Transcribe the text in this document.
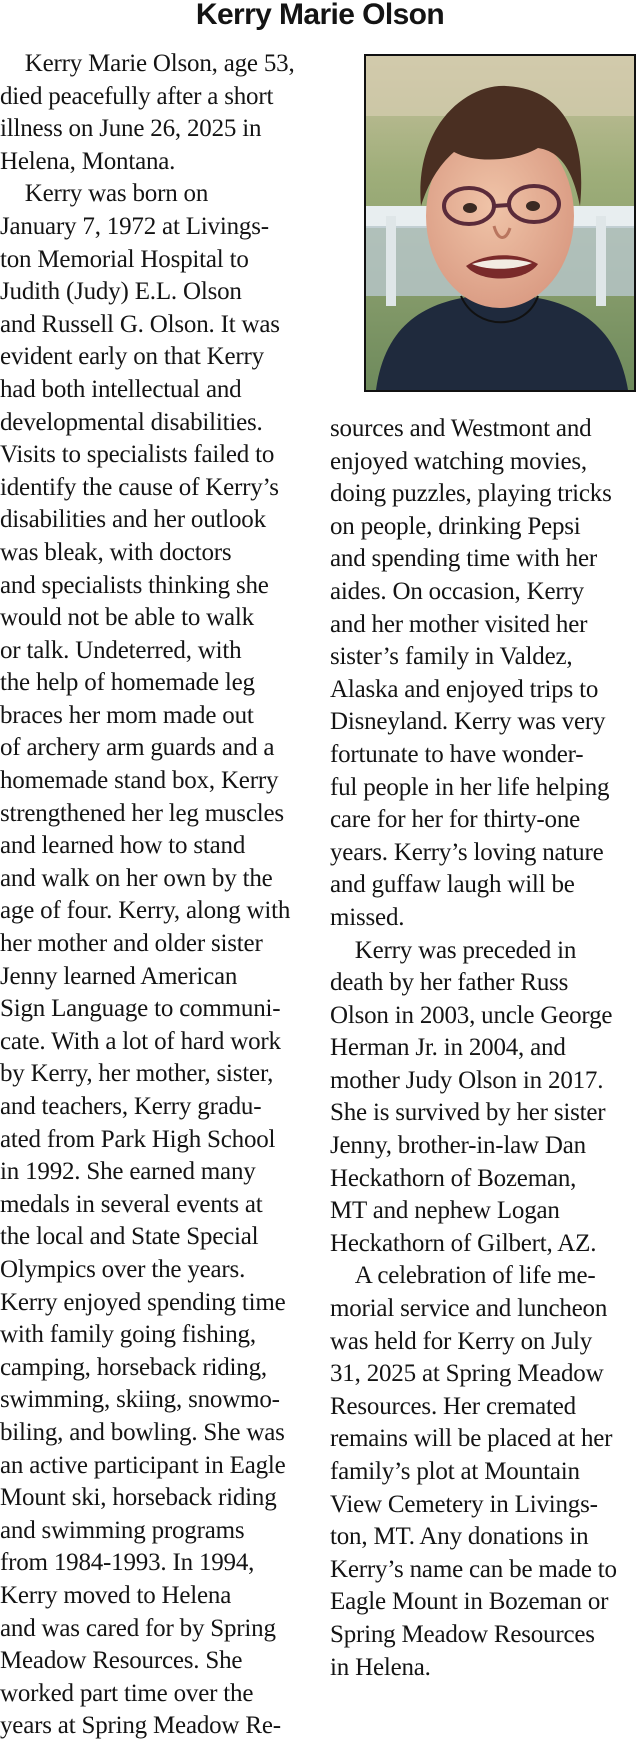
Kerry Marie Olson
 Kerry Marie Olson, age 53,
died peacefully after a short
illness on June 26, 2025 in
Helena, Montana.
 Kerry was born on
January 7, 1972 at Livings-
ton Memorial Hospital to
Judith (Judy) E.L. Olson
and Russell G. Olson. It was
evident early on that Kerry
had both intellectual and
developmental disabilities.
Visits to specialists failed to
identify the cause of Kerry’s
disabilities and her outlook
was bleak, with doctors
and specialists thinking she
would not be able to walk
or talk. Undeterred, with
the help of homemade leg
braces her mom made out
of archery arm guards and a
homemade stand box, Kerry
strengthened her leg muscles
and learned how to stand
and walk on her own by the
age of four. Kerry, along with
her mother and older sister
Jenny learned American
Sign Language to communi-
cate. With a lot of hard work
by Kerry, her mother, sister,
and teachers, Kerry gradu-
ated from Park High School
in 1992. She earned many
medals in several events at
the local and State Special
Olympics over the years.
Kerry enjoyed spending time
with family going fishing,
camping, horseback riding,
swimming, skiing, snowmo-
biling, and bowling. She was
an active participant in Eagle
Mount ski, horseback riding
and swimming programs
from 1984-1993. In 1994,
Kerry moved to Helena
and was cared for by Spring
Meadow Resources. She
worked part time over the
years at Spring Meadow Re-
sources and Westmont and
enjoyed watching movies,
doing puzzles, playing tricks
on people, drinking Pepsi
and spending time with her
aides. On occasion, Kerry
and her mother visited her
sister’s family in Valdez,
Alaska and enjoyed trips to
Disneyland. Kerry was very
fortunate to have wonder-
ful people in her life helping
care for her for thirty-one
years. Kerry’s loving nature
and guffaw laugh will be
missed.
 Kerry was preceded in
death by her father Russ
Olson in 2003, uncle George
Herman Jr. in 2004, and
mother Judy Olson in 2017.
She is survived by her sister
Jenny, brother-in-law Dan
Heckathorn of Bozeman,
MT and nephew Logan
Heckathorn of Gilbert, AZ.
 A celebration of life me-
morial service and luncheon
was held for Kerry on July
31, 2025 at Spring Meadow
Resources. Her cremated
remains will be placed at her
family’s plot at Mountain
View Cemetery in Livings-
ton, MT. Any donations in
Kerry’s name can be made to
Eagle Mount in Bozeman or
Spring Meadow Resources
in Helena.
